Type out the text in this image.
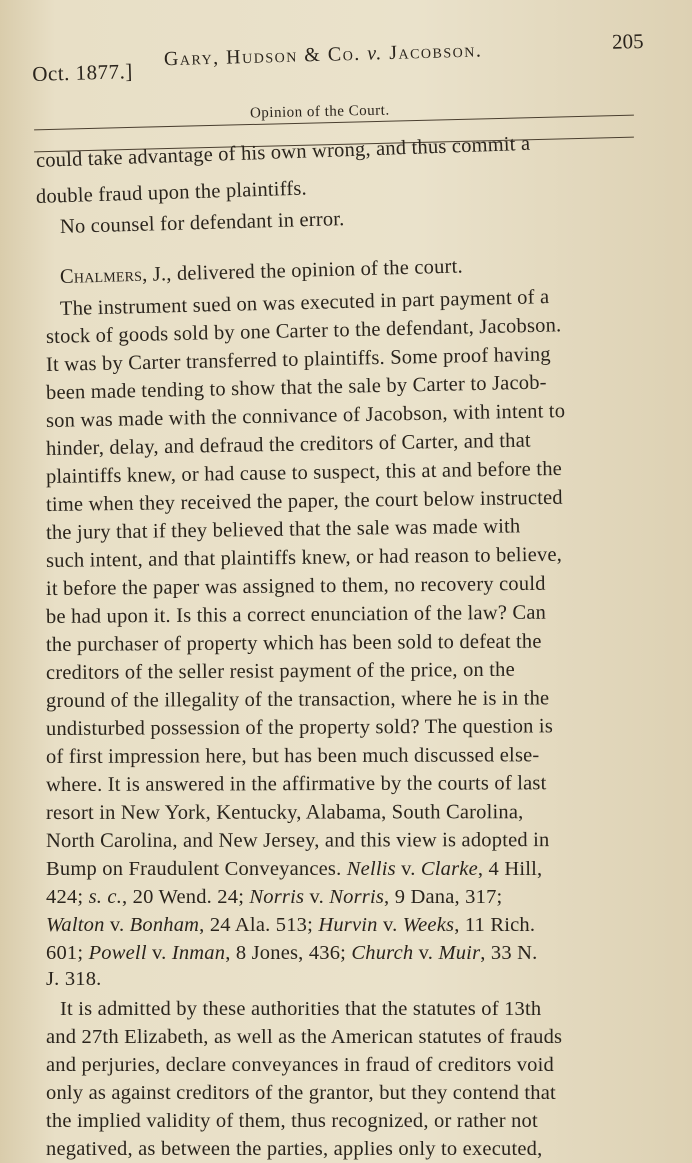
Oct. 1877.]
Gary, Hudson & Co. v. Jacobson.	205
Opinion of the Court.
could take advantage of his own wrong, and thus commit a
double fraud upon the plaintiffs.
No counsel for defendant in error.
Chalmers, J., delivered the opinion of the court.
The instrument sued on was executed in part payment of a
stock of goods sold by one Carter to the defendant, Jacobson.
It was by Carter transferred to plaintiffs. Some proof having
been made tending to show that the sale by Carter to Jacob-
son was made with the connivance of Jacobson, with intent to
hinder, delay, and defraud the creditors of Carter, and that
plaintiffs knew, or had cause to suspect, this at and before the
time when they received the paper, the court below instructed
the jury that if they believed that the sale was made with
such intent, and that plaintiffs knew, or had reason to believe,
it before the paper was assigned to them, no recovery could
be had upon it. Is this a correct enunciation of the law? Can
the purchaser of property which has been sold to defeat the
creditors of the seller resist payment of the price, on the
ground of the illegality of the transaction, where he is in the
undisturbed possession of the property sold? The question is
of first impression here, but has been much discussed else-
where. It is answered in the affirmative by the courts of last
resort in New York, Kentucky, Alabama, South Carolina,
North Carolina, and New Jersey, and this view is adopted in
Bump on Fraudulent Conveyances. Nellis v. Clarke, 4 Hill,
424; s. c., 20 Wend. 24; Norris v. Norris, 9 Dana, 317;
Walton v. Bonham, 24 Ala. 513; Hurvin v. Weeks, 11 Rich.
601; Powell v. Inman, 8 Jones, 436; Church v. Muir, 33 N.
J. 318.
It is admitted by these authorities that the statutes of 13th
and 27th Elizabeth, as well as the American statutes of frauds
and perjuries, declare conveyances in fraud of creditors void
only as against creditors of the grantor, but they contend that
the implied validity of them, thus recognized, or rather not
negatived, as between the parties, applies only to executed,
